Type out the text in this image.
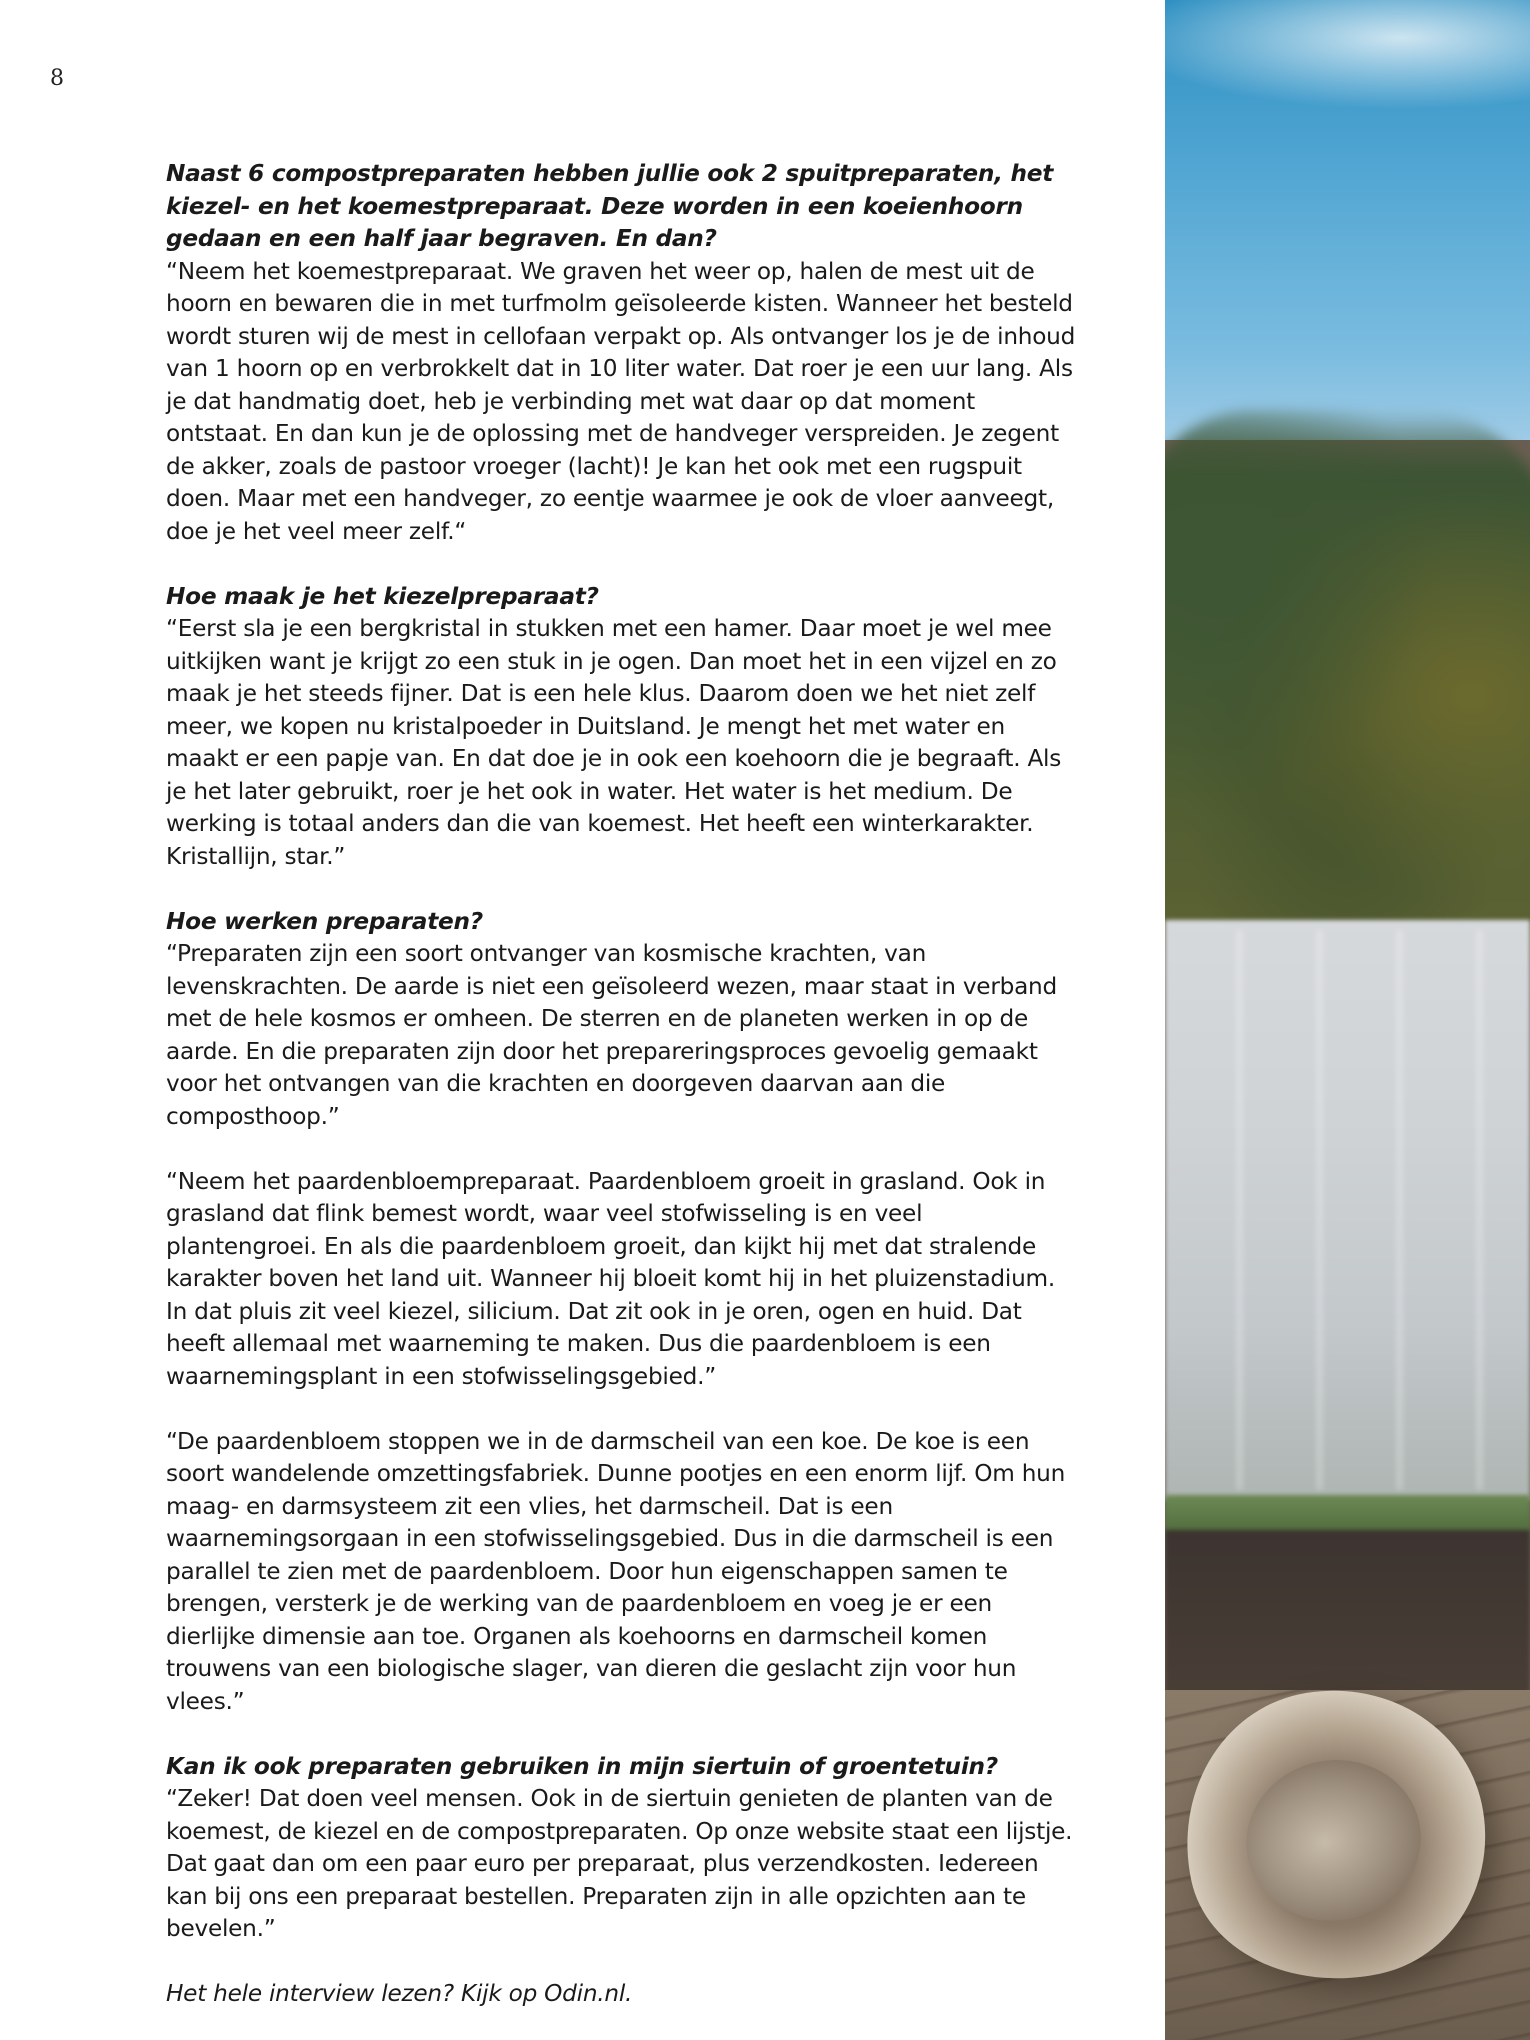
8

Naast 6 compostpreparaten hebben jullie ook 2 spuitpreparaten, het kiezel- en het koemestpreparaat. Deze worden in een koeienhoorn gedaan en een half jaar begraven. En dan?

“Neem het koemestpreparaat. We graven het weer op, halen de mest uit de hoorn en bewaren die in met turfmolm geïsoleerde kisten. Wanneer het besteld wordt sturen wij de mest in cellofaan verpakt op. Als ontvanger los je de inhoud van 1 hoorn op en verbrokkelt dat in 10 liter water. Dat roer je een uur lang. Als je dat handmatig doet, heb je verbinding met wat daar op dat moment ontstaat. En dan kun je de oplossing met de handveger verspreiden. Je zegent de akker, zoals de pastoor vroeger (lacht)! Je kan het ook met een rugspuit doen. Maar met een handveger, zo eentje waarmee je ook de vloer aanveegt, doe je het veel meer zelf.“

Hoe maak je het kiezelpreparaat?

“Eerst sla je een bergkristal in stukken met een hamer. Daar moet je wel mee uitkijken want je krijgt zo een stuk in je ogen. Dan moet het in een vijzel en zo maak je het steeds fijner. Dat is een hele klus. Daarom doen we het niet zelf meer, we kopen nu kristalpoeder in Duitsland. Je mengt het met water en maakt er een papje van. En dat doe je in ook een koehoorn die je begraaft. Als je het later gebruikt, roer je het ook in water. Het water is het medium. De werking is totaal anders dan die van koemest. Het heeft een winterkarakter. Kristallijn, star.”

Hoe werken preparaten?

“Preparaten zijn een soort ontvanger van kosmische krachten, van levenskrachten. De aarde is niet een geïsoleerd wezen, maar staat in verband met de hele kosmos er omheen. De sterren en de planeten werken in op de aarde. En die preparaten zijn door het prepareringsproces gevoelig gemaakt voor het ontvangen van die krachten en doorgeven daarvan aan die composthoop.”

“Neem het paardenbloempreparaat. Paardenbloem groeit in grasland. Ook in grasland dat flink bemest wordt, waar veel stofwisseling is en veel plantengroei. En als die paardenbloem groeit, dan kijkt hij met dat stralende karakter boven het land uit. Wanneer hij bloeit komt hij in het pluizenstadium. In dat pluis zit veel kiezel, silicium. Dat zit ook in je oren, ogen en huid. Dat heeft allemaal met waarneming te maken. Dus die paardenbloem is een waarnemingsplant in een stofwisselingsgebied.”

“De paardenbloem stoppen we in de darmscheil van een koe. De koe is een soort wandelende omzettingsfabriek. Dunne pootjes en een enorm lijf. Om hun maag- en darmsysteem zit een vlies, het darmscheil. Dat is een waarnemingsorgaan in een stofwisselingsgebied. Dus in die darmscheil is een parallel te zien met de paardenbloem. Door hun eigenschappen samen te brengen, versterk je de werking van de paardenbloem en voeg je er een dierlijke dimensie aan toe. Organen als koehoorns en darmscheil komen trouwens van een biologische slager, van dieren die geslacht zijn voor hun vlees.”

Kan ik ook preparaten gebruiken in mijn siertuin of groentetuin?

“Zeker! Dat doen veel mensen. Ook in de siertuin genieten de planten van de koemest, de kiezel en de compostpreparaten. Op onze website staat een lijstje. Dat gaat dan om een paar euro per preparaat, plus verzendkosten. Iedereen kan bij ons een preparaat bestellen. Preparaten zijn in alle opzichten aan te bevelen.”

Het hele interview lezen? Kijk op Odin.nl.
